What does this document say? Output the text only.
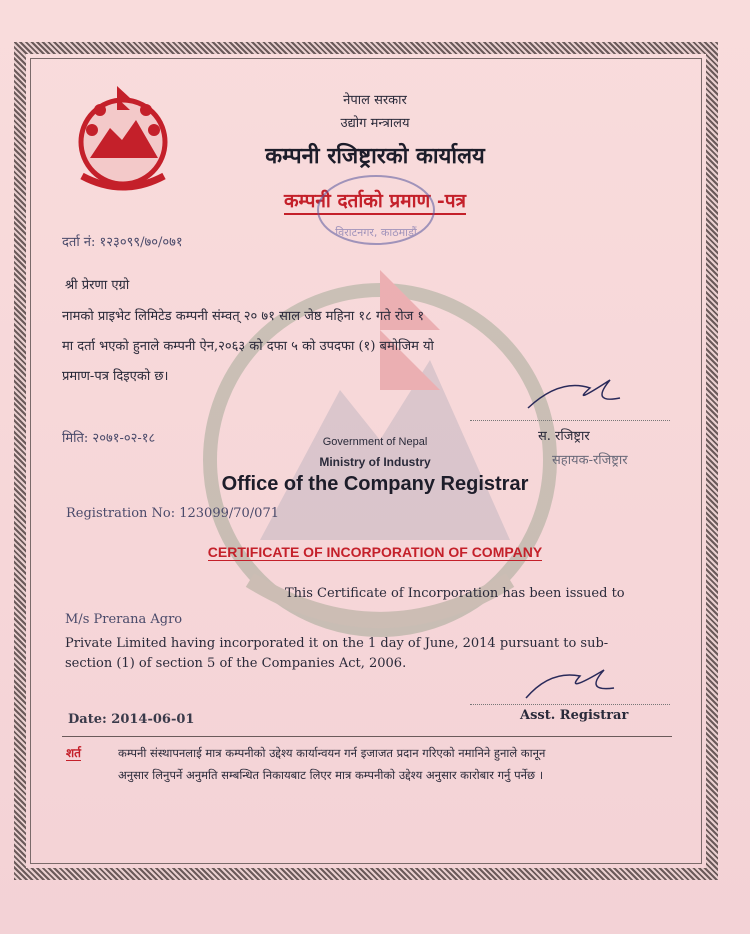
नेपाल सरकार
उद्योग मन्त्रालय
कम्पनी रजिष्ट्रारको कार्यालय
कम्पनी दर्ताको प्रमाण -पत्र
विराटनगर, काठमाडौं
दर्ता नं: १२३०९९/७०/०७१
श्री प्रेरणा एग्रो
नामको प्राइभेट लिमिटेड कम्पनी संम्वत् २० ७१ साल जेष्ठ महिना १८ गते रोज १
मा दर्ता भएको हुनाले कम्पनी ऐन,२०६३ को दफा ५ को उपदफा (१) बमोजिम यो
प्रमाण-पत्र दिइएको छ।
मिति: २०७१-०२-१८	स. रजिष्ट्रार
सहायक-रजिष्ट्रार
Government of Nepal
Ministry of Industry
Office of the Company Registrar
Registration No: 123099/70/071
CERTIFICATE OF INCORPORATION OF COMPANY
This Certificate of Incorporation has been issued to
M/s Prerana Agro
Private Limited having incorporated it on the 1 day of June, 2014 pursuant to sub-
section (1) of section 5 of the Companies Act, 2006.
Date: 2014-06-01	Asst. Registrar
शर्त	कम्पनी संस्थापनलाई मात्र कम्पनीको उद्देश्य कार्यान्वयन गर्न इजाजत प्रदान गरिएको नमानिने हुनाले कानून
अनुसार लिनुपर्ने अनुमति सम्बन्धित निकायबाट लिएर मात्र कम्पनीको उद्देश्य अनुसार कारोबार गर्नु पर्नेछ ।
